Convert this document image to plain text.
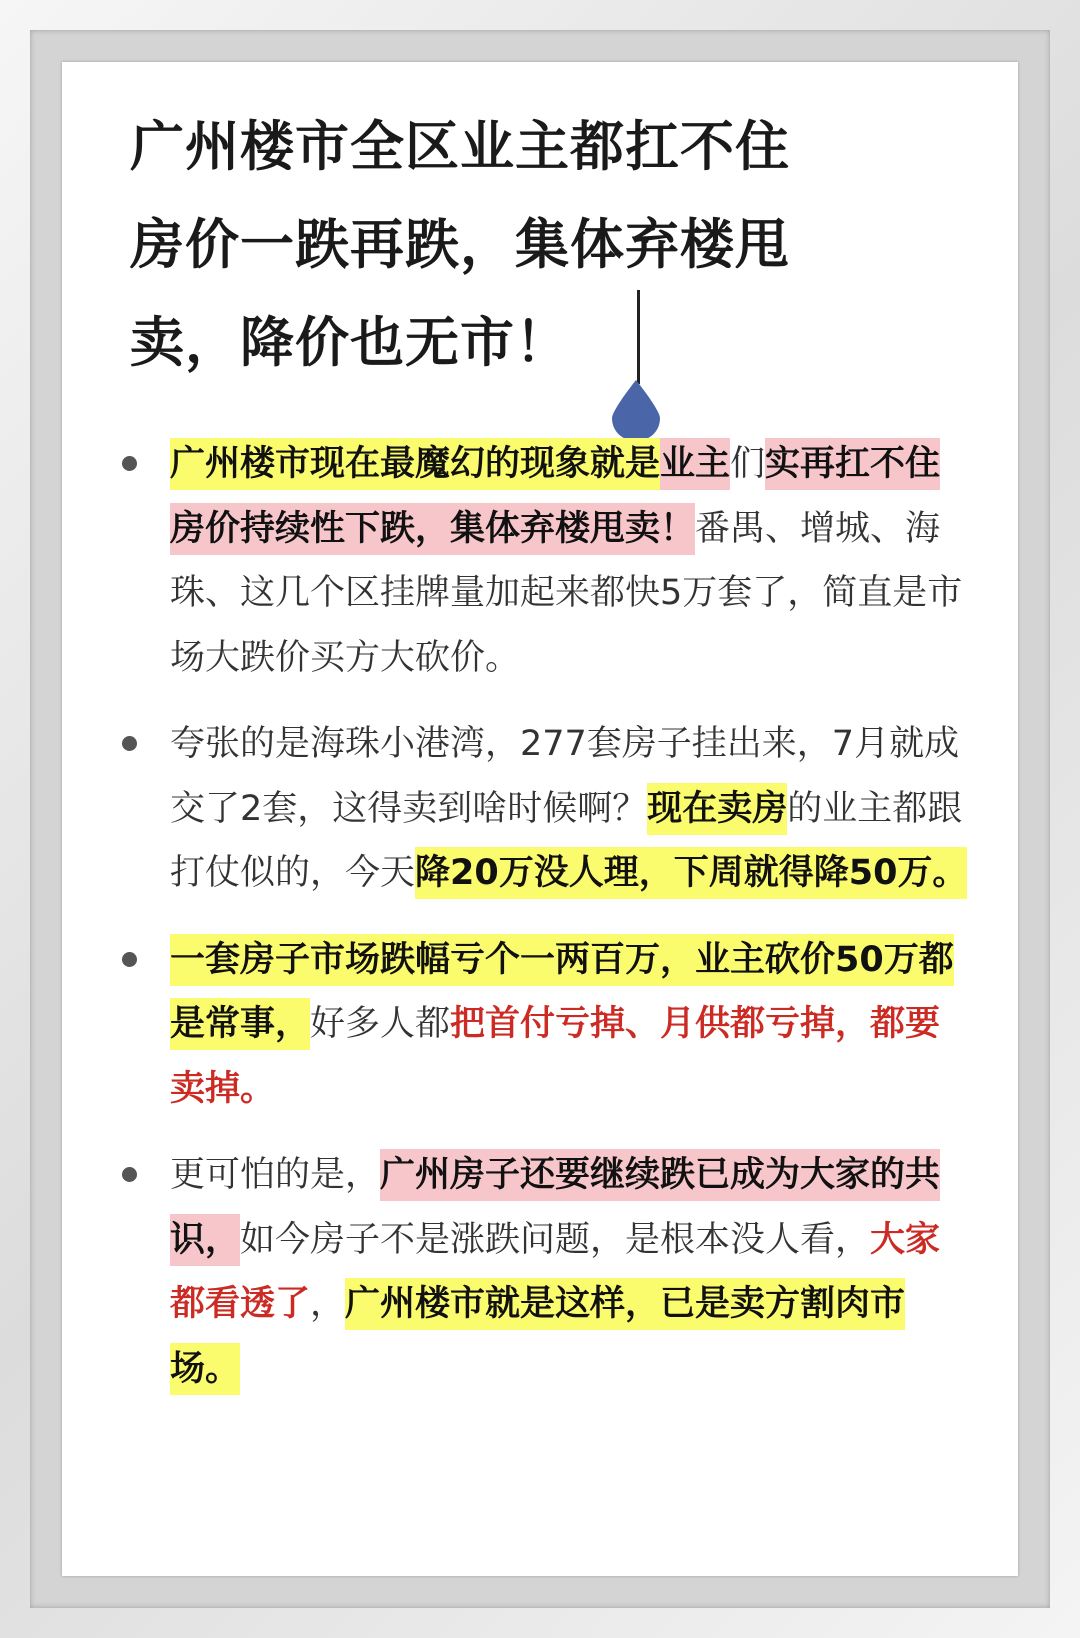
广州楼市全区业主都扛不住
房价一跌再跌，集体弃楼甩
卖，降价也无市！
广州楼市现在最魔幻的现象就是业主们实再扛不住房价持续性下跌，集体弃楼甩卖！番禺、增城、海珠、这几个区挂牌量加起来都快5万套了，简直是市场大跌价买方大砍价。
夸张的是海珠小港湾，277套房子挂出来，7月就成交了2套，这得卖到啥时候啊？现在卖房的业主都跟打仗似的，今天降20万没人理，下周就得降50万。
一套房子市场跌幅亏个一两百万，业主砍价50万都是常事，好多人都把首付亏掉、月供都亏掉，都要卖掉。
更可怕的是，广州房子还要继续跌已成为大家的共识，如今房子不是涨跌问题，是根本没人看，大家都看透了，广州楼市就是这样，已是卖方割肉市场。
